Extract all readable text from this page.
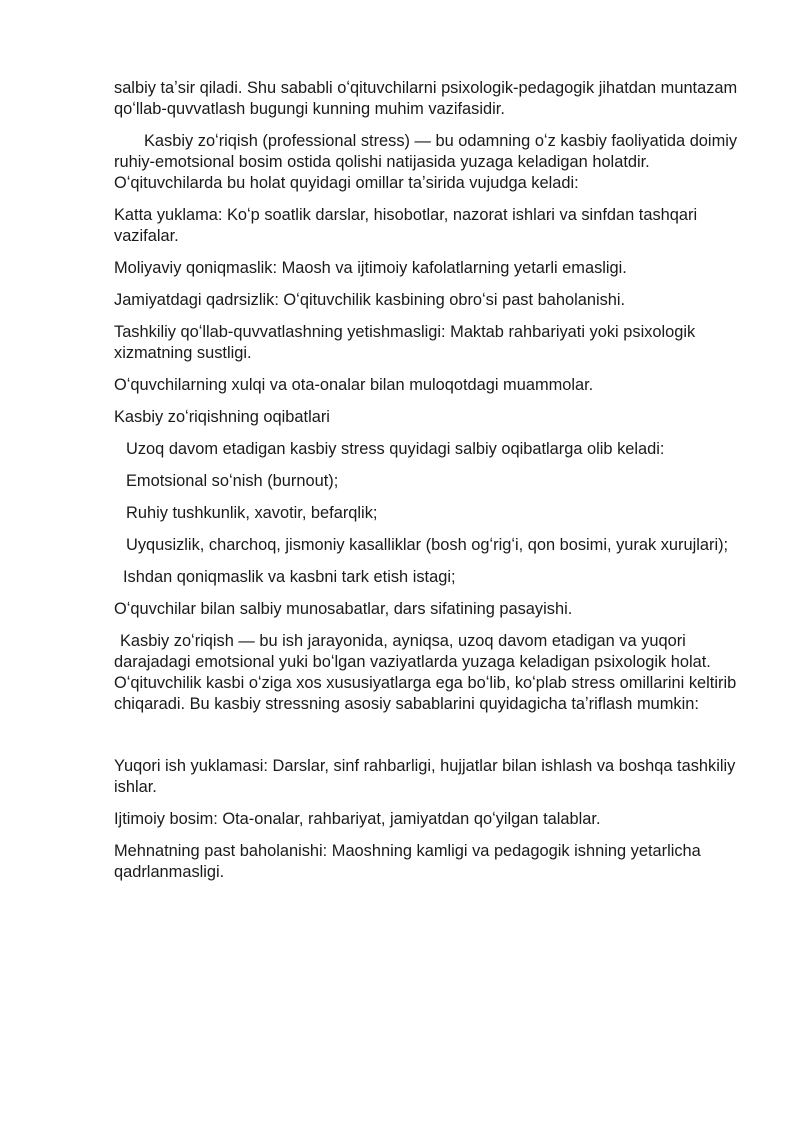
salbiy taʼsir qiladi. Shu sababli oʻqituvchilarni psixologik-pedagogik jihatdan muntazam qoʻllab-quvvatlash bugungi kunning muhim vazifasidir.

Kasbiy zoʻriqish (professional stress) — bu odamning oʻz kasbiy faoliyatida doimiy ruhiy-emotsional bosim ostida qolishi natijasida yuzaga keladigan holatdir. Oʻqituvchilarda bu holat quyidagi omillar taʼsirida vujudga keladi:

Katta yuklama: Koʻp soatlik darslar, hisobotlar, nazorat ishlari va sinfdan tashqari vazifalar.

Moliyaviy qoniqmaslik: Maosh va ijtimoiy kafolatlarning yetarli emasligi.

Jamiyatdagi qadrsizlik: Oʻqituvchilik kasbining obroʻsi past baholanishi.

Tashkiliy qoʻllab-quvvatlashning yetishmasligi: Maktab rahbariyati yoki psixologik xizmatning sustligi.

Oʻquvchilarning xulqi va ota-onalar bilan muloqotdagi muammolar.

Kasbiy zoʻriqishning oqibatlari

Uzoq davom etadigan kasbiy stress quyidagi salbiy oqibatlarga olib keladi:

Emotsional soʻnish (burnout);

Ruhiy tushkunlik, xavotir, befarqlik;

Uyqusizlik, charchoq, jismoniy kasalliklar (bosh ogʻrigʻi, qon bosimi, yurak xurujlari);

Ishdan qoniqmaslik va kasbni tark etish istagi;

Oʻquvchilar bilan salbiy munosabatlar, dars sifatining pasayishi.

Kasbiy zoʻriqish — bu ish jarayonida, ayniqsa, uzoq davom etadigan va yuqori darajadagi emotsional yuki boʻlgan vaziyatlarda yuzaga keladigan psixologik holat. Oʻqituvchilik kasbi oʻziga xos xususiyatlarga ega boʻlib, koʻplab stress omillarini keltirib chiqaradi. Bu kasbiy stressning asosiy sabablarini quyidagicha taʼriflash mumkin:

Yuqori ish yuklamasi: Darslar, sinf rahbarligi, hujjatlar bilan ishlash va boshqa tashkiliy ishlar.

Ijtimoiy bosim: Ota-onalar, rahbariyat, jamiyatdan qoʻyilgan talablar.

Mehnatning past baholanishi: Maoshning kamligi va pedagogik ishning yetarlicha qadrlanmasligi.
